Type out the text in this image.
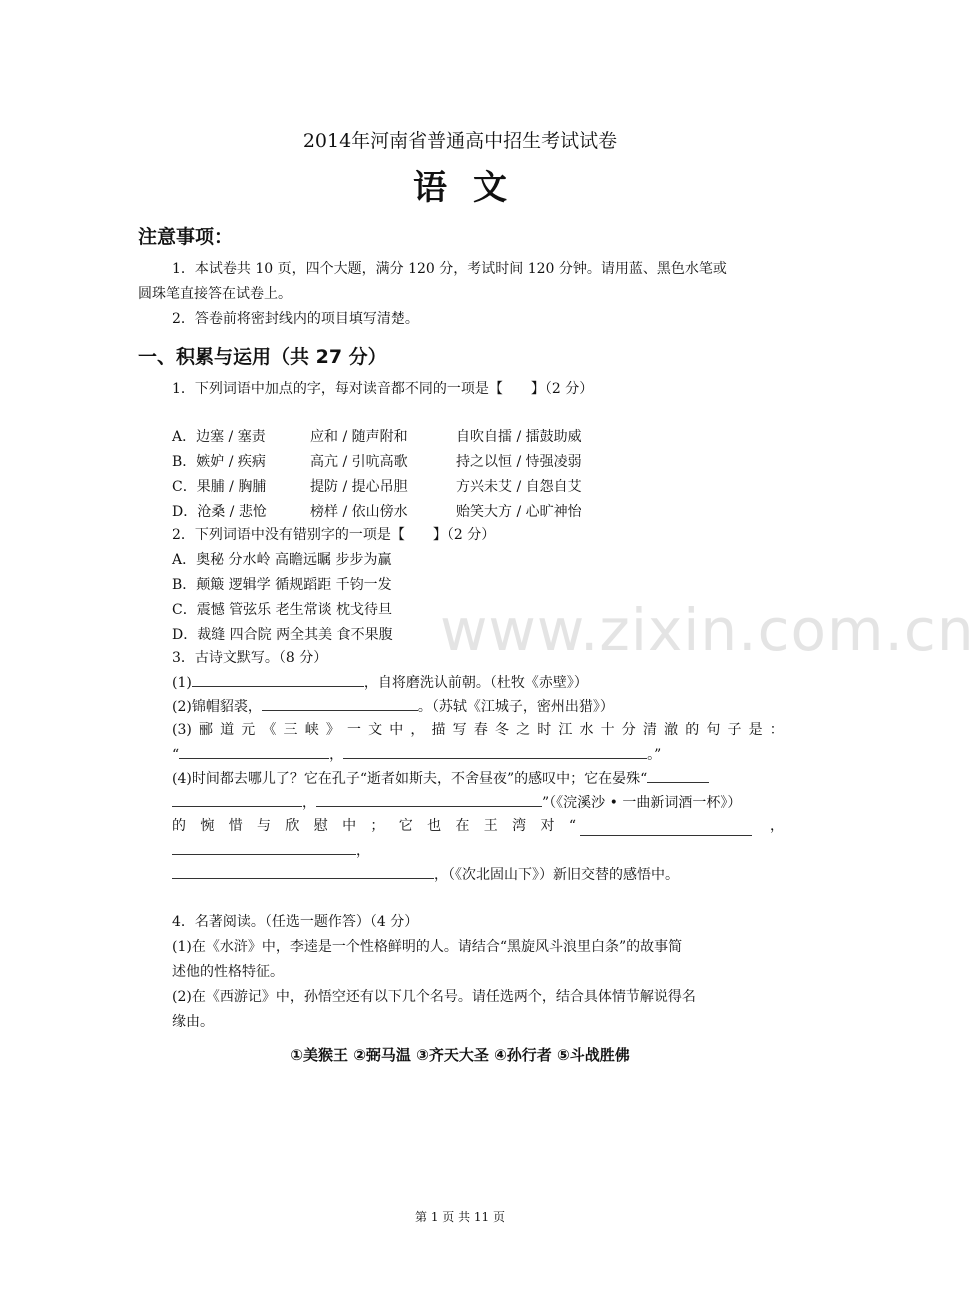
www.zixin.com.cn
2014年河南省普通高中招生考试试卷
语文
注意事项：
1．本试卷共 10 页，四个大题，满分 120 分，考试时间 120 分钟。请用蓝、黑色水笔或
圆珠笔直接答在试卷上。
2．答卷前将密封线内的项目填写清楚。
一、积累与运用（共 27 分）
1．下列词语中加点的字，每对读音都不同的一项是【　　】（2 分）
A．边塞 / 塞责	应和 / 随声附和	自吹自擂 / 擂鼓助威
B．嫉妒 / 疾病	高亢 / 引吭高歌	持之以恒 / 恃强凌弱
C．果脯 / 胸脯	提防 / 提心吊胆	方兴未艾 / 自怨自艾
D．沧桑 / 悲怆	榜样 / 依山傍水	贻笑大方 / 心旷神怡
2．下列词语中没有错别字的一项是【　　】（2 分）
A．奥秘 分水岭 高瞻远瞩 步步为赢
B．颠簸 逻辑学 循规蹈距 千钧一发
C．震憾 管弦乐 老生常谈 枕戈待旦
D．裁缝 四合院 两全其美 食不果腹
3．古诗文默写。（8 分）
(1)	，自将磨洗认前朝。（杜牧《赤壁》）
(2)锦帽貂裘，	。（苏轼《江城子，密州出猎》）
(3) 郦 道 元 《 三 峡 》 一 文 中 ， 描 写 春 冬 之 时 江 水 十 分 清 澈 的 句 子 是 ：
“	，	。”
(4)时间都去哪儿了？它在孔子“逝者如斯夫，不舍昼夜”的感叹中；它在晏殊“
，	”（《浣溪沙 • 一曲新词酒一杯》）
的 惋 惜 与 欣 慰 中 ； 它 也 在 王 湾 对 “	，
，
，（《次北固山下》）新旧交替的感悟中。
4．名著阅读。（任选一题作答）（4 分）
(1)在《水浒》中，李逵是一个性格鲜明的人。请结合“黑旋风斗浪里白条”的故事简
述他的性格特征。
(2)在《西游记》中，孙悟空还有以下几个名号。请任选两个，结合具体情节解说得名
缘由。
①美猴王 ②弼马温 ③齐天大圣 ④孙行者 ⑤斗战胜佛
第 1 页 共 11 页
